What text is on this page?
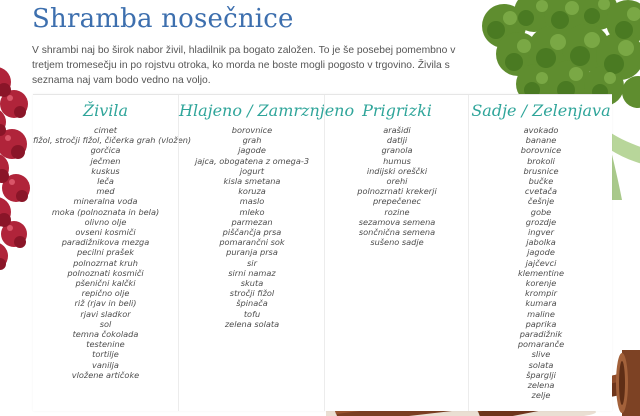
Shramba nosečnice

V shrambi naj bo širok nabor živil, hladilnik pa bogato založen. To je še posebej pomembno v tretjem tromesečju in po rojstvu otroka, ko morda ne boste mogli pogosto v trgovino. Živila s seznama naj vam bodo vedno na voljo.

Živila
cimet
fižol, stročji fižol, čičerka grah (vložen)
gorčica
ječmen
kuskus
leča
med
mineralna voda
moka (polnoznata in bela)
olivno olje
ovseni kosmiči
paradižnikova mezga
pecilni prašek
polnozrnat kruh
polnoznati kosmiči
pšenični kalčki
repično olje
riž (rjav in beli)
rjavi sladkor
sol
temna čokolada
testenine
tortilje
vanilja
vložene artičoke
Hlajeno / Zamrznjeno
borovnice
grah
jagode
jajca, obogatena z omega-3
jogurt
kisla smetana
koruza
maslo
mleko
parmezan
piščančja prsa
pomarančni sok
puranja prsa
sir
sirni namaz
skuta
stročji fižol
špinača
tofu
zelena solata
Prigrizki
arašidi
datlji
granola
humus
indijski oreščki
orehi
polnozrnati krekerji
prepečenec
rozine
sezamova semena
sončnična semena
sušeno sadje
Sadje / Zelenjava
avokado
banane
borovnice
brokoli
brusnice
bučke
cvetača
češnje
gobe
grozdje
ingver
jabolka
jagode
jajčevci
klementine
korenje
krompir
kumara
maline
paprika
paradižnik
pomaranče
slive
solata
šparglji
zelena
zelje
